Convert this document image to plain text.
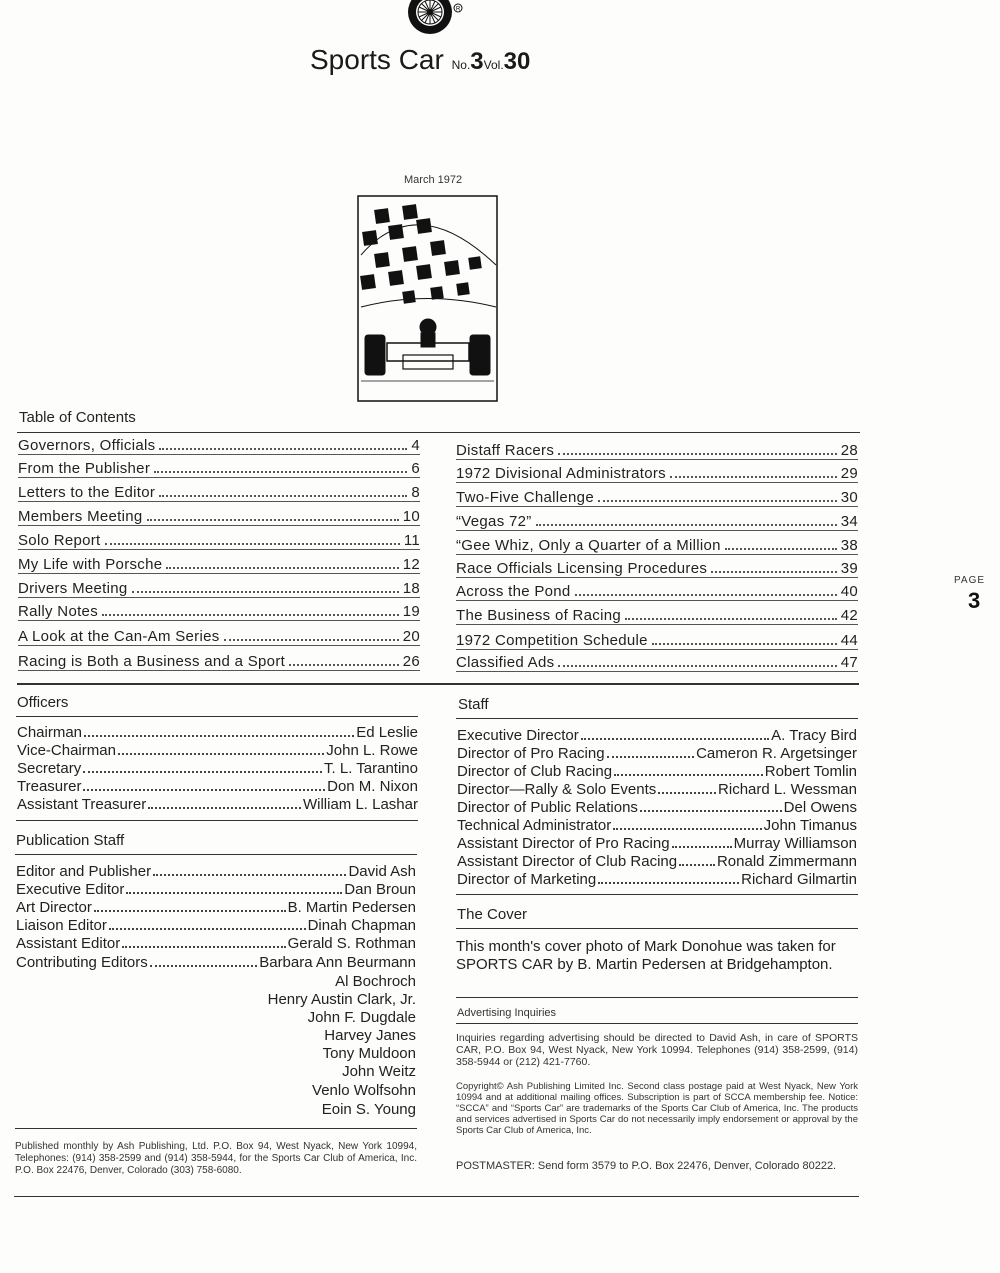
R
Sports Car No.3Vol.30
March 1972
Table of Contents
Governors, Officials	4
From the Publisher	6
Letters to the Editor	8
Members Meeting	10
Solo Report	11
My Life with Porsche	12
Drivers Meeting	18
Rally Notes	19
A Look at the Can-Am Series	20
Racing is Both a Business and a Sport	26
Distaff Racers	28
1972 Divisional Administrators	29
Two-Five Challenge	30
“Vegas 72”	34
“Gee Whiz, Only a Quarter of a Million	38
Race Officials Licensing Procedures	39
Across the Pond	40
The Business of Racing	42
1972 Competition Schedule	44
Classified Ads	47
PAGE
3
Officers
Chairman	Ed Leslie
Vice-Chairman	John L. Rowe
Secretary	T. L. Tarantino
Treasurer	Don M. Nixon
Assistant Treasurer	William L. Lashar
Publication Staff
Editor and Publisher	David Ash
Executive Editor	Dan Broun
Art Director	B. Martin Pedersen
Liaison Editor	Dinah Chapman
Assistant Editor	Gerald S. Rothman
Contributing Editors	Barbara Ann Beurmann
Al Bochroch
Henry Austin Clark, Jr.
John F. Dugdale
Harvey Janes
Tony Muldoon
John Weitz
Venlo Wolfsohn
Eoin S. Young
Published monthly by Ash Publishing, Ltd. P.O. Box 94, West Nyack, New York 10994, Telephones: (914) 358-2599 and (914) 358-5944, for the Sports Car Club of America, Inc. P.O. Box 22476, Denver, Colorado (303) 758-6080.
Staff
Executive Director	A. Tracy Bird
Director of Pro Racing	Cameron R. Argetsinger
Director of Club Racing	Robert Tomlin
Director—Rally & Solo Events	Richard L. Wessman
Director of Public Relations	Del Owens
Technical Administrator	John Timanus
Assistant Director of Pro Racing	Murray Williamson
Assistant Director of Club Racing	Ronald Zimmermann
Director of Marketing	Richard Gilmartin
The Cover
This month's cover photo of Mark Donohue was taken for SPORTS CAR by B. Martin Pedersen at Bridgehampton.
Advertising Inquiries
Inquiries regarding advertising should be directed to David Ash, in care of SPORTS CAR, P.O. Box 94, West Nyack, New York 10994. Telephones (914) 358-2599, (914) 358-5944 or (212) 421-7760.
Copyright© Ash Publishing Limited Inc. Second class postage paid at West Nyack, New York 10994 and at additional mailing offices. Subscription is part of SCCA membership fee. Notice: “SCCA” and “Sports Car” are trademarks of the Sports Car Club of America, Inc. The products and services advertised in Sports Car do not necessarily imply endorsement or approval by the Sports Car Club of America, Inc.
POSTMASTER: Send form 3579 to P.O. Box 22476, Denver, Colorado 80222.
